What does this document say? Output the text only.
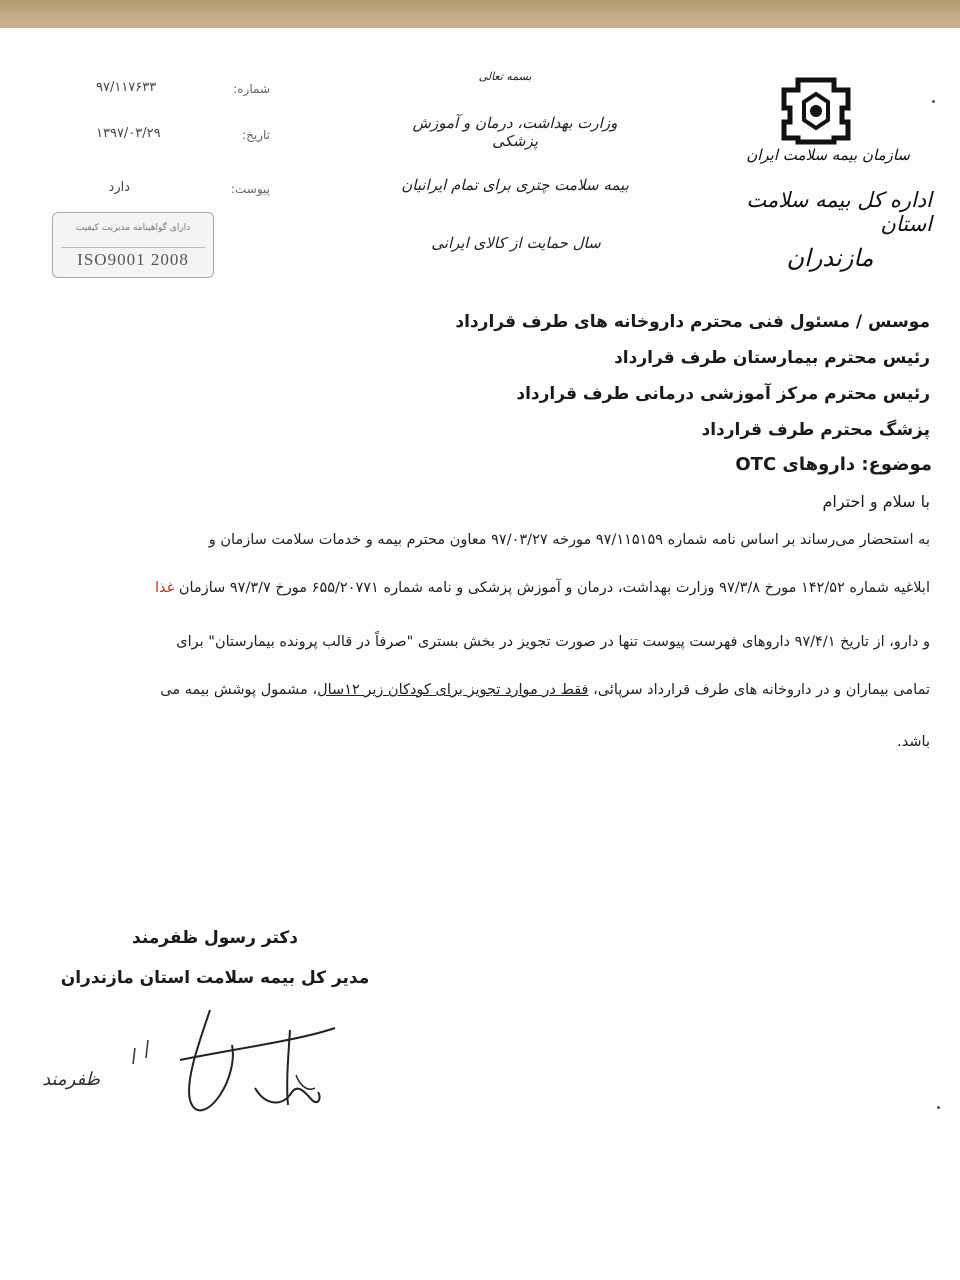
شماره:
۹۷/۱۱۷۶۳۳
تاریخ:
۱۳۹۷/۰۳/۲۹
پیوست:
دارد
دارای گواهینامه مدیریت کیفیت
ISO9001 2008
بسمه تعالی
وزارت بهداشت، درمان و آموزش پزشکی
بیمه سلامت چتری برای تمام ایرانیان
سال حمایت از کالای ایرانی
سازمان بیمه سلامت ایران
اداره کل بیمه سلامت استان
مازندران
موسس / مسئول فنی محترم داروخانه های طرف قرارداد
رئیس محترم بیمارستان طرف قرارداد
رئیس محترم مرکز آموزشی درمانی طرف قرارداد
پزشگ محترم طرف قرارداد
موضوع: داروهای OTC
با سلام و احترام
به استحضار می‌رساند بر اساس نامه شماره ۹۷/۱۱۵۱۵۹ مورخه ۹۷/۰۳/۲۷ معاون محترم بیمه و خدمات سلامت سازمان و
ابلاغیه شماره ۱۴۲/۵۲ مورخ ۹۷/۳/۸ وزارت بهداشت، درمان و آموزش پزشکی و نامه شماره ۶۵۵/۲۰۷۷۱ مورخ ۹۷/۳/۷ سازمان غذا
و دارو، از تاریخ ۹۷/۴/۱ داروهای فهرست پیوست تنها در صورت تجویز در بخش بستری "صرفاً در قالب پرونده بیمارستان" برای
تمامی بیماران و در داروخانه های طرف قرارداد سرپائی، فقط در موارد تجویز برای کودکان زیر ۱۲سال، مشمول پوشش بیمه می
باشد.
دکتر رسول ظفرمند
مدیر کل بیمه سلامت استان مازندران
ظفرمند
